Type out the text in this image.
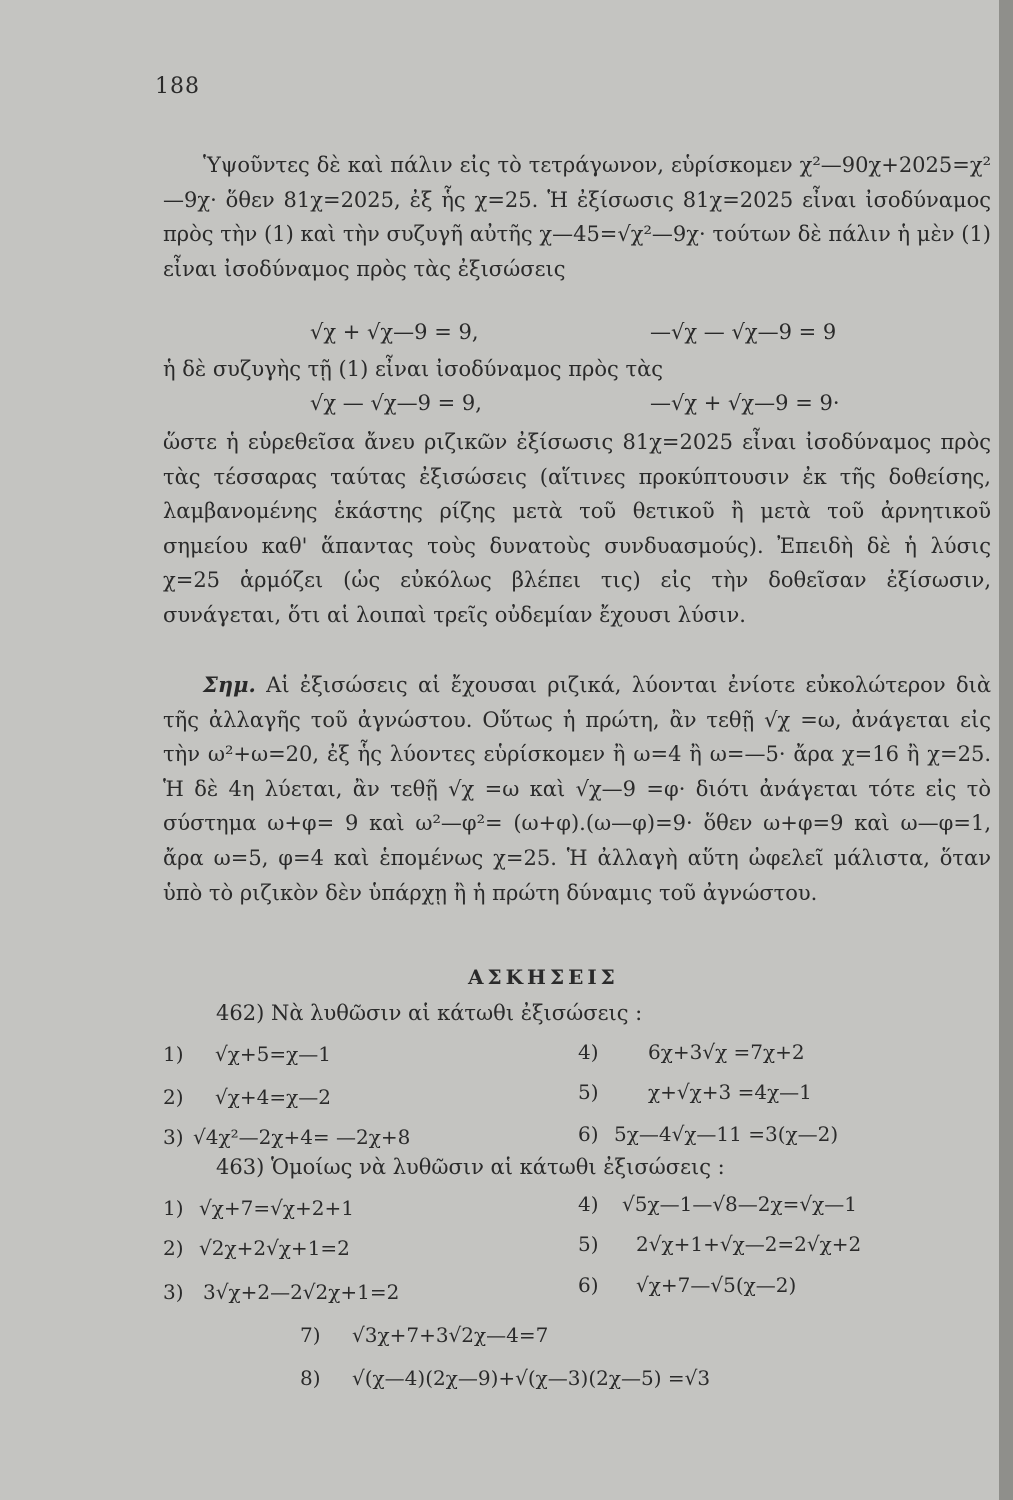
188

Ὑψοῦντες δὲ καὶ πάλιν εἰς τὸ τετράγωνον, εὑρίσκομεν χ²—90χ+2025=χ²—9χ· ὅθεν 81χ=2025, ἐξ ἧς χ=25. Ἡ ἐξίσωσις 81χ=2025 εἶναι ἰσοδύναμος πρὸς τὴν (1) καὶ τὴν συζυγῆ αὐτῆς χ—45=√χ²—9χ· τούτων δὲ πάλιν ἡ μὲν (1) εἶναι ἰσοδύναμος πρὸς τὰς ἐξισώσεις

√χ + √χ—9 = 9,	—√χ — √χ—9 = 9

ἡ δὲ συζυγὴς τῇ (1) εἶναι ἰσοδύναμος πρὸς τὰς

√χ — √χ—9 = 9,	—√χ + √χ—9 = 9·

ὥστε ἡ εὑρεθεῖσα ἄνευ ριζικῶν ἐξίσωσις 81χ=2025 εἶναι ἰσοδύναμος πρὸς τὰς τέσσαρας ταύτας ἐξισώσεις (αἵτινες προκύπτουσιν ἐκ τῆς δοθείσης, λαμβανομένης ἑκάστης ρίζης μετὰ τοῦ θετικοῦ ἢ μετὰ τοῦ ἀρνητικοῦ σημείου καθ' ἅπαντας τοὺς δυνατοὺς συνδυασμούς). Ἐπειδὴ δὲ ἡ λύσις χ=25 ἁρμόζει (ὡς εὐκόλως βλέπει τις) εἰς τὴν δοθεῖσαν ἐξίσωσιν, συνάγεται, ὅτι αἱ λοιπαὶ τρεῖς οὐδεμίαν ἔχουσι λύσιν.

Σημ. Αἱ ἐξισώσεις αἱ ἔχουσαι ριζικά, λύονται ἐνίοτε εὐκολώτερον διὰ τῆς ἀλλαγῆς τοῦ ἀγνώστου. Οὕτως ἡ πρώτη, ἂν τεθῇ √χ =ω, ἀνάγεται εἰς τὴν ω²+ω=20, ἐξ ἧς λύοντες εὑρίσκομεν ἢ ω=4 ἢ ω=—5· ἄρα χ=16 ἢ χ=25. Ἡ δὲ 4η λύεται, ἂν τεθῇ √χ =ω καὶ √χ—9 =φ· διότι ἀνάγεται τότε εἰς τὸ σύστημα ω+φ= 9 καὶ ω²—φ²= (ω+φ).(ω—φ)=9· ὅθεν ω+φ=9 καὶ ω—φ=1, ἄρα ω=5, φ=4 καὶ ἑπομένως χ=25. Ἡ ἀλλαγὴ αὕτη ὠφελεῖ μάλιστα, ὅταν ὑπὸ τὸ ριζικὸν δὲν ὑπάρχῃ ἢ ἡ πρώτη δύναμις τοῦ ἀγνώστου.

ΑΣΚΗΣΕΙΣ
462) Νὰ λυθῶσιν αἱ κάτωθι ἐξισώσεις :
1) √χ+5=χ—1
2) √χ+4=χ—2
3) √4χ²—2χ+4= —2χ+8
4) 6χ+3√χ =7χ+2
5) χ+√χ+3 =4χ—1
6) 5χ—4√χ—11 =3(χ—2)
463) Ὁμοίως νὰ λυθῶσιν αἱ κάτωθι ἐξισώσεις :
1) √χ+7=√χ+2+1
2) √2χ+2√χ+1=2
3) 3√χ+2—2√2χ+1=2
4) √5χ—1—√8—2χ=√χ—1
5) 2√χ+1+√χ—2=2√χ+2
6) √χ+7—√5(χ—2)
7) √3χ+7+3√2χ—4=7
8) √(χ—4)(2χ—9)+√(χ—3)(2χ—5) =√3
